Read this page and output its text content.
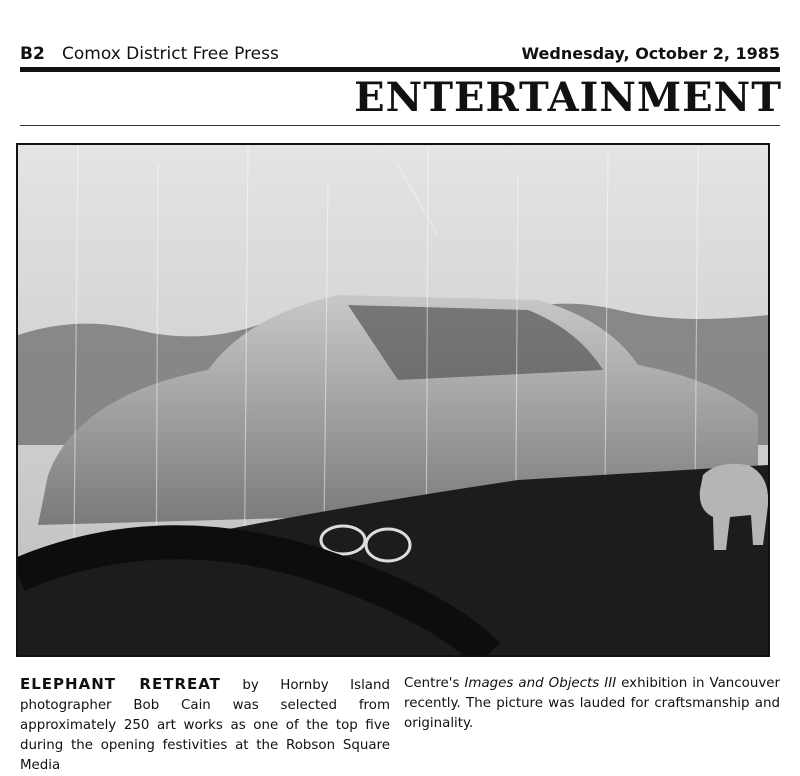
B2 Comox District Free Press	Wednesday, October 2, 1985
ENTERTAINMENT
ELEPHANT RETREAT by Hornby Island photographer Bob Cain was selected from approximately 250 art works as one of the top five during the opening festivities at the Robson Square Media
Centre's Images and Objects III exhibition in Vancouver recently. The picture was lauded for craftsmanship and originality.
